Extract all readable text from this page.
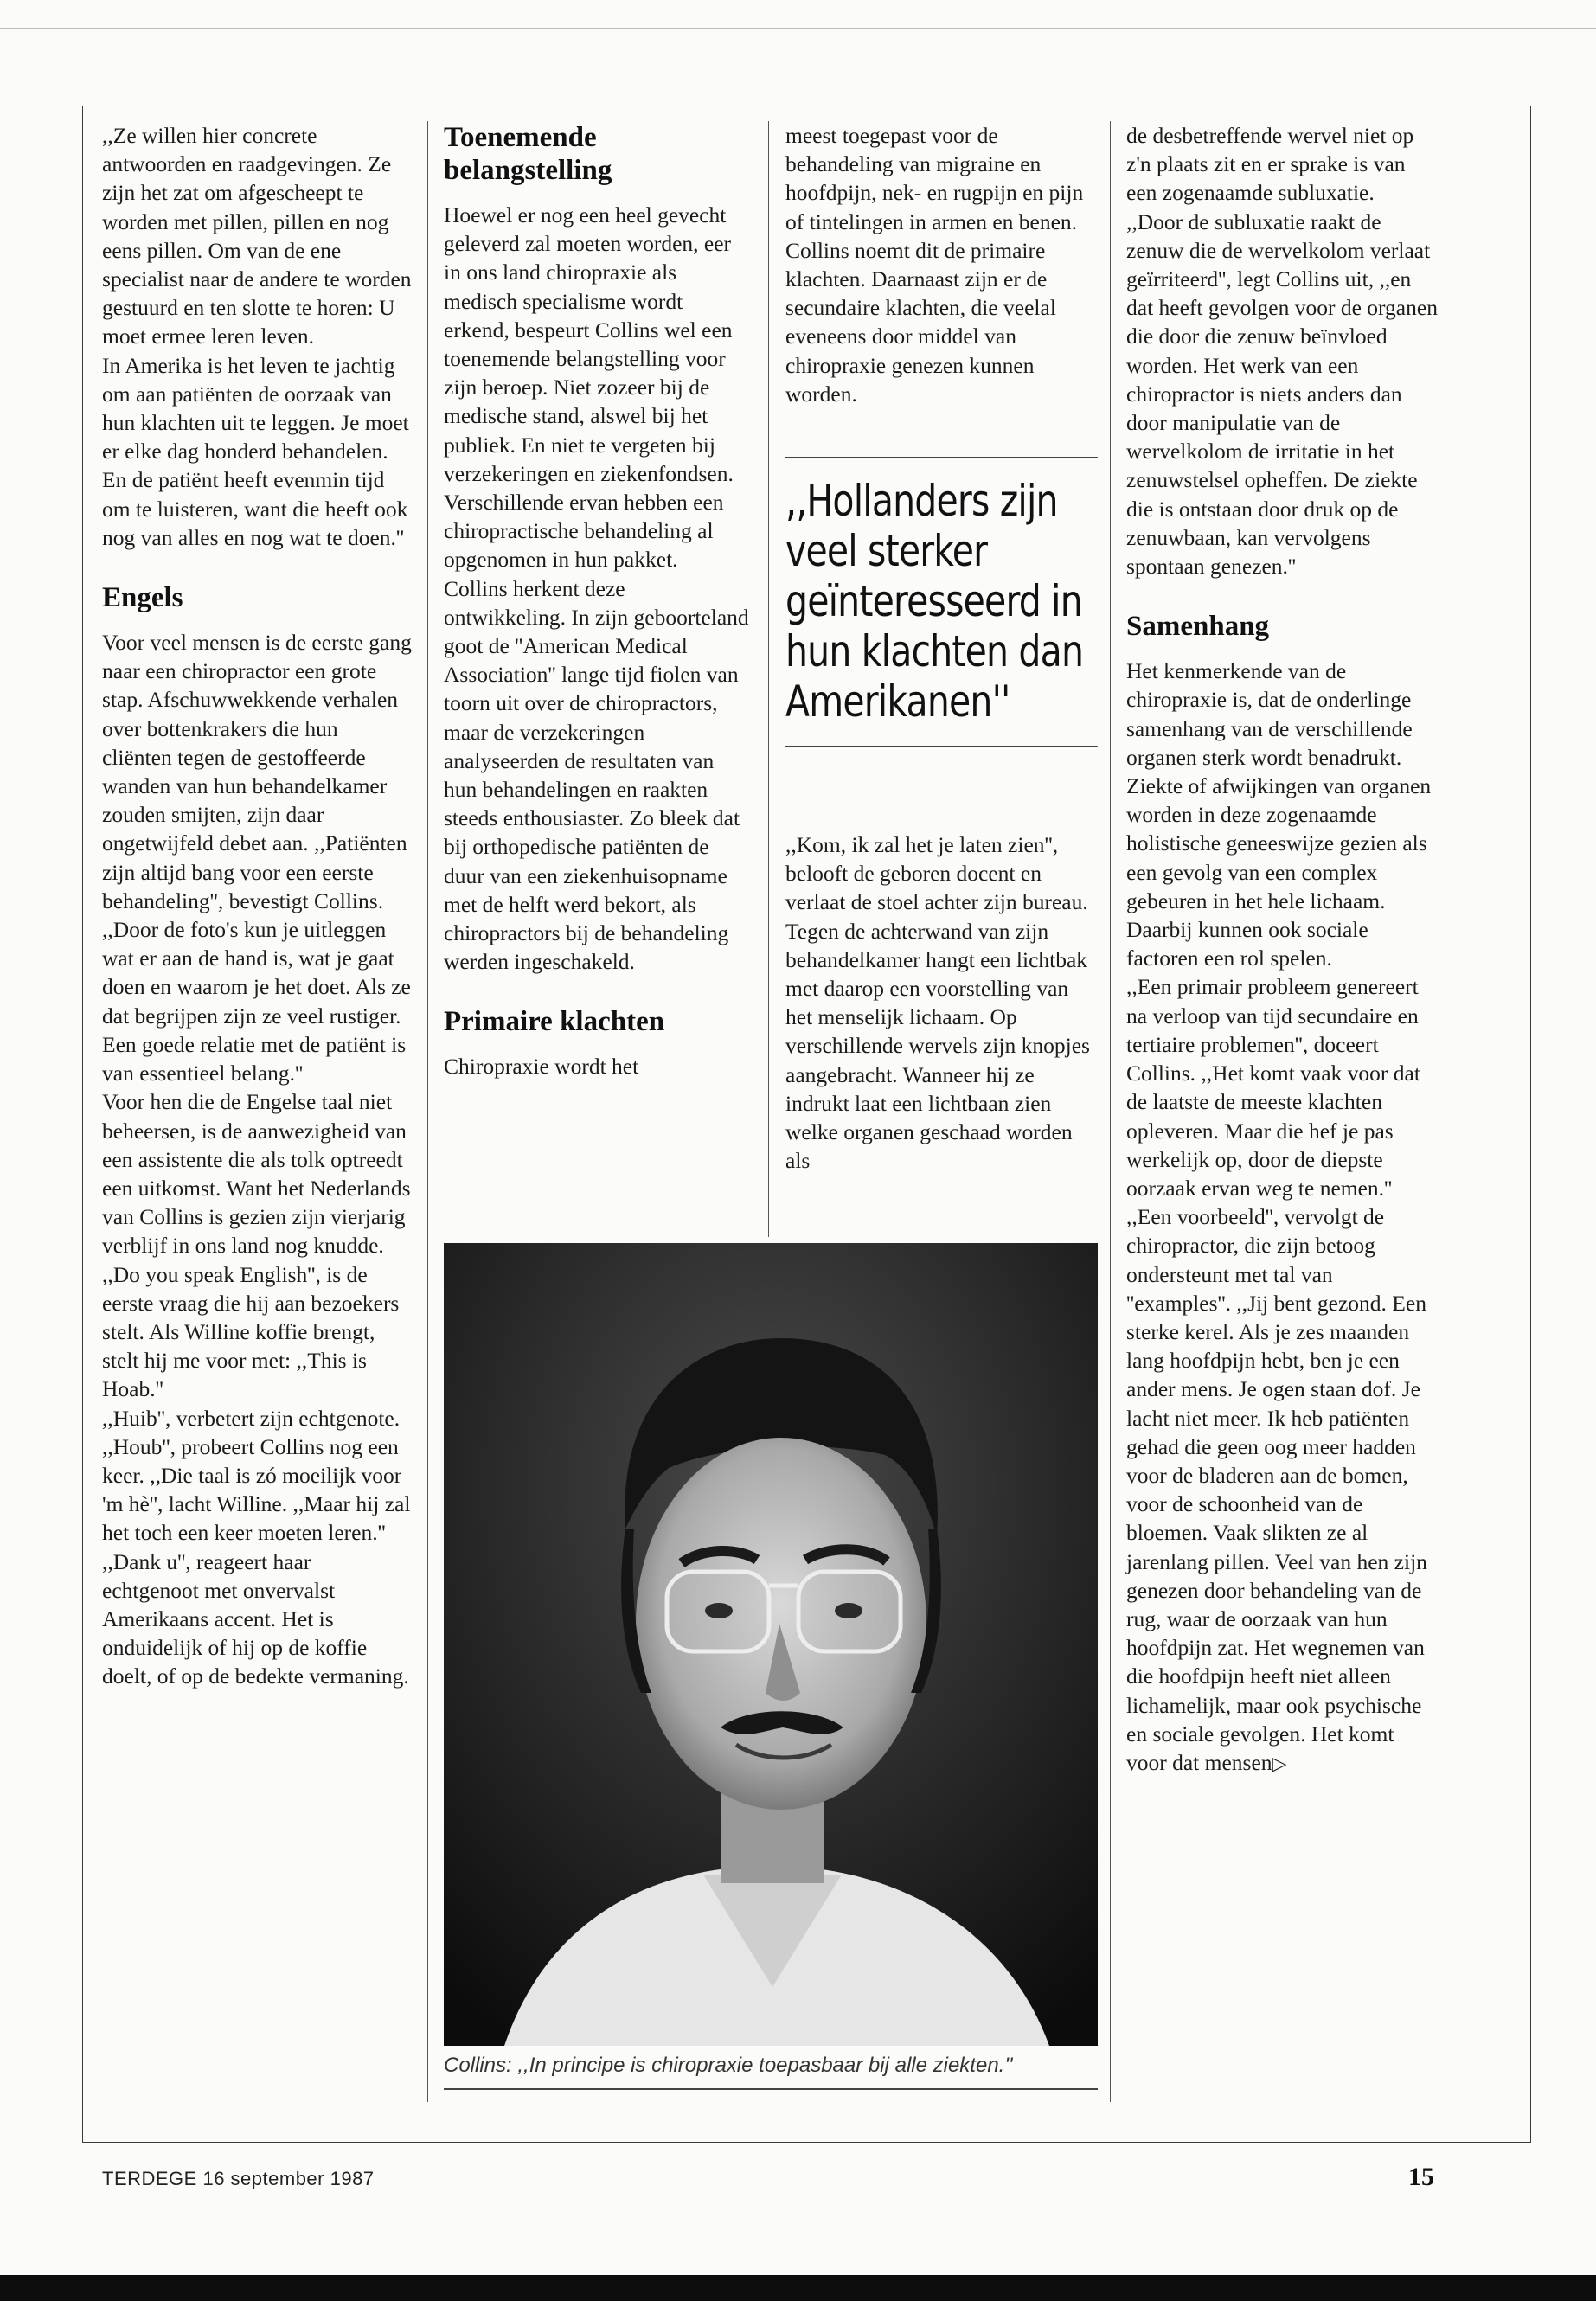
,,Ze willen hier concrete antwoorden en raadgevingen. Ze zijn het zat om afgescheept te worden met pillen, pillen en nog eens pillen. Om van de ene specialist naar de andere te worden gestuurd en ten slotte te horen: U moet ermee leren leven.

In Amerika is het leven te jachtig om aan patiënten de oorzaak van hun klachten uit te leggen. Je moet er elke dag honderd behandelen. En de patiënt heeft evenmin tijd om te luisteren, want die heeft ook nog van alles en nog wat te doen.''

Engels

Voor veel mensen is de eerste gang naar een chiropractor een grote stap. Afschuwwekkende verhalen over bottenkrakers die hun cliënten tegen de gestoffeerde wanden van hun behandelkamer zouden smijten, zijn daar ongetwijfeld debet aan. ,,Patiënten zijn altijd bang voor een eerste behandeling'', bevestigt Collins. ,,Door de foto's kun je uitleggen wat er aan de hand is, wat je gaat doen en waarom je het doet. Als ze dat begrijpen zijn ze veel rustiger. Een goede relatie met de patiënt is van essentieel belang.''

Voor hen die de Engelse taal niet beheersen, is de aanwezigheid van een assistente die als tolk optreedt een uitkomst. Want het Nederlands van Collins is gezien zijn vierjarig verblijf in ons land nog knudde. ,,Do you speak English'', is de eerste vraag die hij aan bezoekers stelt. Als Willine koffie brengt, stelt hij me voor met: ,,This is Hoab.''

,,Huib'', verbetert zijn echtgenote. ,,Houb'', probeert Collins nog een keer. ,,Die taal is zó moeilijk voor 'm hè'', lacht Willine. ,,Maar hij zal het toch een keer moeten leren.''

,,Dank u'', reageert haar echtgenoot met onvervalst Amerikaans accent. Het is onduidelijk of hij op de koffie doelt, of op de bedekte vermaning.

Toenemende belangstelling

Hoewel er nog een heel gevecht geleverd zal moeten worden, eer in ons land chiropraxie als medisch specialisme wordt erkend, bespeurt Collins wel een toenemende belangstelling voor zijn beroep. Niet zozeer bij de medische stand, alswel bij het publiek. En niet te vergeten bij verzekeringen en ziekenfondsen. Verschillende ervan hebben een chiropractische behandeling al opgenomen in hun pakket.

Collins herkent deze ontwikkeling. In zijn geboorteland goot de ''American Medical Association'' lange tijd fiolen van toorn uit over de chiropractors, maar de verzekeringen analyseerden de resultaten van hun behandelingen en raakten steeds enthousiaster. Zo bleek dat bij orthopedische patiënten de duur van een ziekenhuisopname met de helft werd bekort, als chiropractors bij de behandeling werden ingeschakeld.

Primaire klachten

Chiropraxie wordt het

meest toegepast voor de behandeling van migraine en hoofdpijn, nek- en rugpijn en pijn of tintelingen in armen en benen. Collins noemt dit de primaire klachten. Daarnaast zijn er de secundaire klachten, die veelal eveneens door middel van chiropraxie genezen kunnen worden.

,,Hollanders zijn veel sterker geïnteresseerd in hun klachten dan Amerikanen''

,,Kom, ik zal het je laten zien'', belooft de geboren docent en verlaat de stoel achter zijn bureau.

Tegen de achterwand van zijn behandelkamer hangt een lichtbak met daarop een voorstelling van het menselijk lichaam. Op verschillende wervels zijn knopjes aangebracht. Wanneer hij ze indrukt laat een lichtbaan zien welke organen geschaad worden als

de desbetreffende wervel niet op z'n plaats zit en er sprake is van een zogenaamde subluxatie.

,,Door de subluxatie raakt de zenuw die de wervelkolom verlaat geïrriteerd'', legt Collins uit, ,,en dat heeft gevolgen voor de organen die door die zenuw beïnvloed worden. Het werk van een chiropractor is niets anders dan door manipulatie van de wervelkolom de irritatie in het zenuwstelsel opheffen. De ziekte die is ontstaan door druk op de zenuwbaan, kan vervolgens spontaan genezen.''

Samenhang

Het kenmerkende van de chiropraxie is, dat de onderlinge samenhang van de verschillende organen sterk wordt benadrukt. Ziekte of afwijkingen van organen worden in deze zogenaamde holistische geneeswijze gezien als een gevolg van een complex gebeuren in het hele lichaam. Daarbij kunnen ook sociale factoren een rol spelen.

,,Een primair probleem genereert na verloop van tijd secundaire en tertiaire problemen'', doceert Collins. ,,Het komt vaak voor dat de laatste de meeste klachten opleveren. Maar die hef je pas werkelijk op, door de diepste oorzaak ervan weg te nemen.''

,,Een voorbeeld'', vervolgt de chiropractor, die zijn betoog ondersteunt met tal van ''examples''. ,,Jij bent gezond. Een sterke kerel. Als je zes maanden lang hoofdpijn hebt, ben je een ander mens. Je ogen staan dof. Je lacht niet meer. Ik heb patiënten gehad die geen oog meer hadden voor de bladeren aan de bomen, voor de schoonheid van de bloemen. Vaak slikten ze al jarenlang pillen. Veel van hen zijn genezen door behandeling van de rug, waar de oorzaak van hun hoofdpijn zat. Het wegnemen van die hoofdpijn heeft niet alleen lichamelijk, maar ook psychische en sociale gevolgen. Het komt voor dat mensen▷

Collins: ,,In principe is chiropraxie toepasbaar bij alle ziekten.''
TERDEGE 16 september 1987	15
